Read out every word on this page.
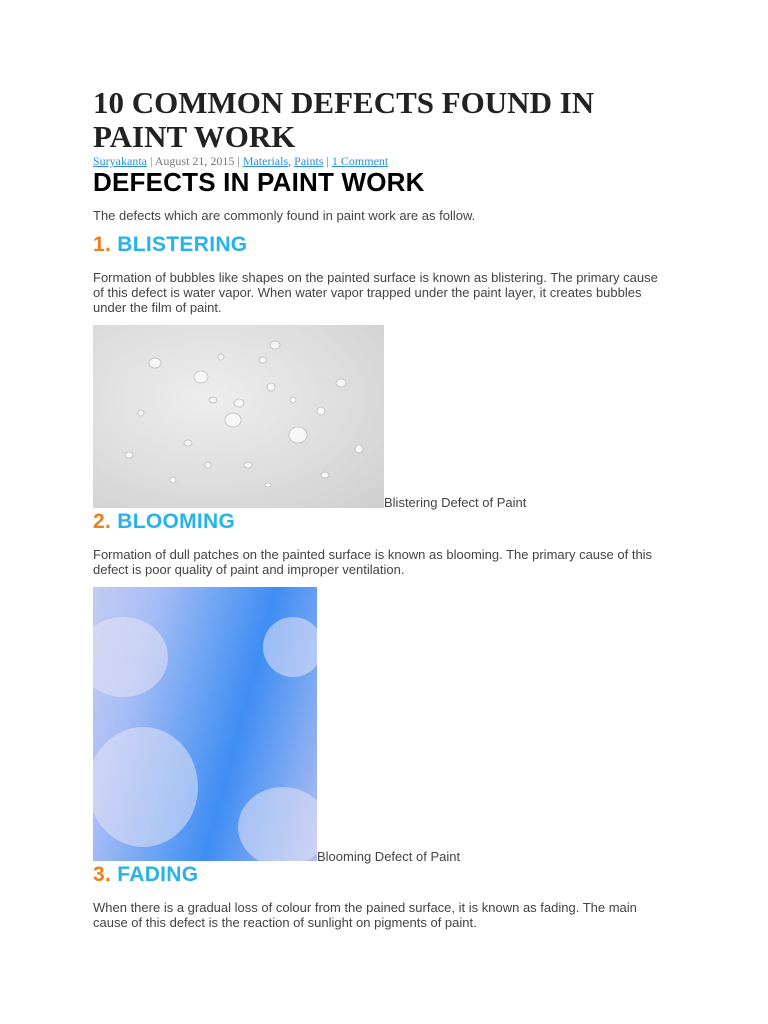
10 COMMON DEFECTS FOUND IN PAINT WORK
Suryakanta | August 21, 2015 | Materials, Paints | 1 Comment
DEFECTS IN PAINT WORK

The defects which are commonly found in paint work are as follow.

1. BLISTERING

Formation of bubbles like shapes on the painted surface is known as blistering. The primary cause of this defect is water vapor. When water vapor trapped under the paint layer, it creates bubbles under the film of paint.

Blistering Defect of Paint
2. BLOOMING

Formation of dull patches on the painted surface is known as blooming. The primary cause of this defect is poor quality of paint and improper ventilation.

Blooming Defect of Paint
3. FADING

When there is a gradual loss of colour from the pained surface, it is known as fading. The main cause of this defect is the reaction of sunlight on pigments of paint.
